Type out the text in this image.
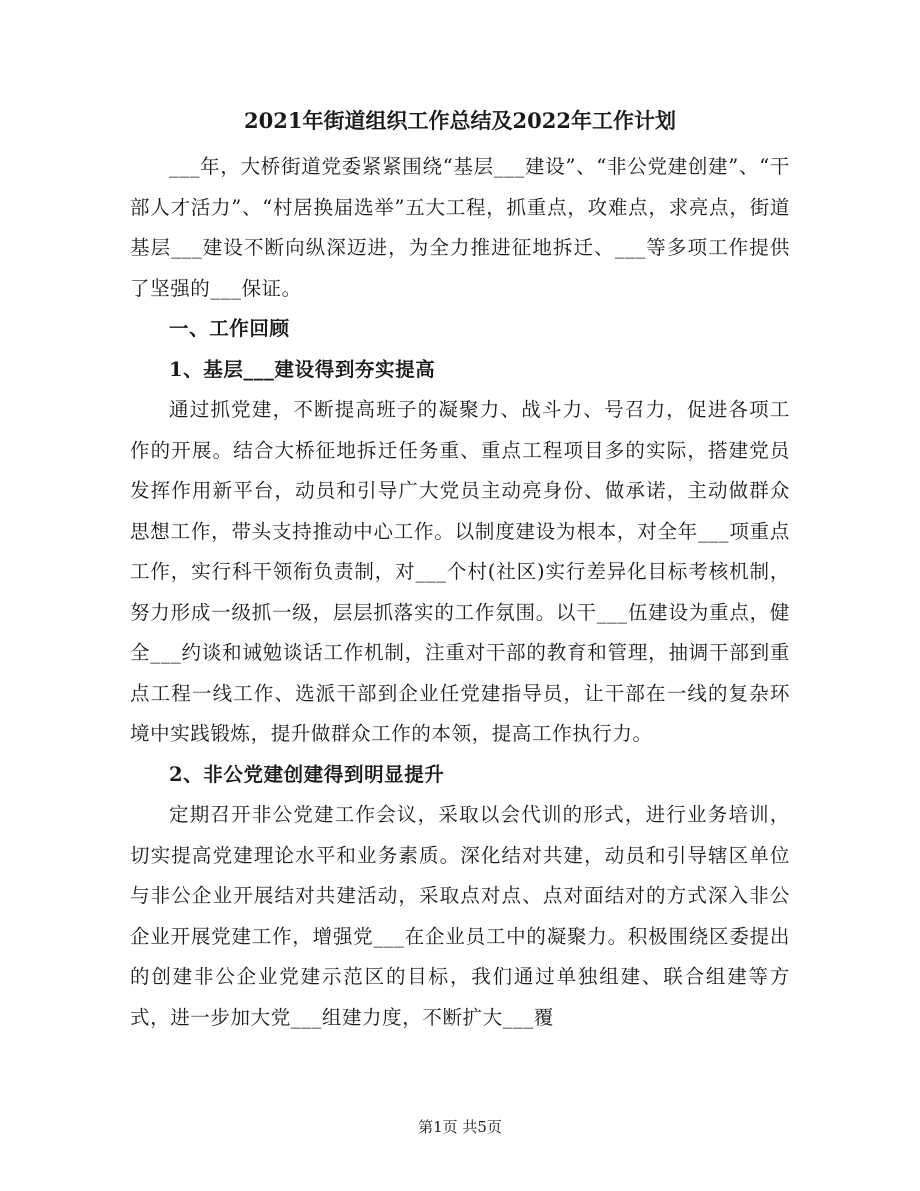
2021年街道组织工作总结及2022年工作计划

___年，大桥街道党委紧紧围绕“基层___建设”、“非公党建创建”、“干部人才活力”、“村居换届选举”五大工程，抓重点，攻难点，求亮点，街道基层___建设不断向纵深迈进，为全力推进征地拆迁、___等多项工作提供了坚强的___保证。

一、工作回顾

1、基层___建设得到夯实提高

通过抓党建，不断提高班子的凝聚力、战斗力、号召力，促进各项工作的开展。结合大桥征地拆迁任务重、重点工程项目多的实际，搭建党员发挥作用新平台，动员和引导广大党员主动亮身份、做承诺，主动做群众思想工作，带头支持推动中心工作。以制度建设为根本，对全年___项重点工作，实行科干领衔负责制，对___个村(社区)实行差异化目标考核机制，努力形成一级抓一级，层层抓落实的工作氛围。以干___伍建设为重点，健全___约谈和诫勉谈话工作机制，注重对干部的教育和管理，抽调干部到重点工程一线工作、选派干部到企业任党建指导员，让干部在一线的复杂环境中实践锻炼，提升做群众工作的本领，提高工作执行力。

2、非公党建创建得到明显提升

定期召开非公党建工作会议，采取以会代训的形式，进行业务培训，切实提高党建理论水平和业务素质。深化结对共建，动员和引导辖区单位与非公企业开展结对共建活动，采取点对点、点对面结对的方式深入非公企业开展党建工作，增强党___在企业员工中的凝聚力。积极围绕区委提出的创建非公企业党建示范区的目标，我们通过单独组建、联合组建等方式，进一步加大党___组建力度，不断扩大___覆

第1页 共5页
